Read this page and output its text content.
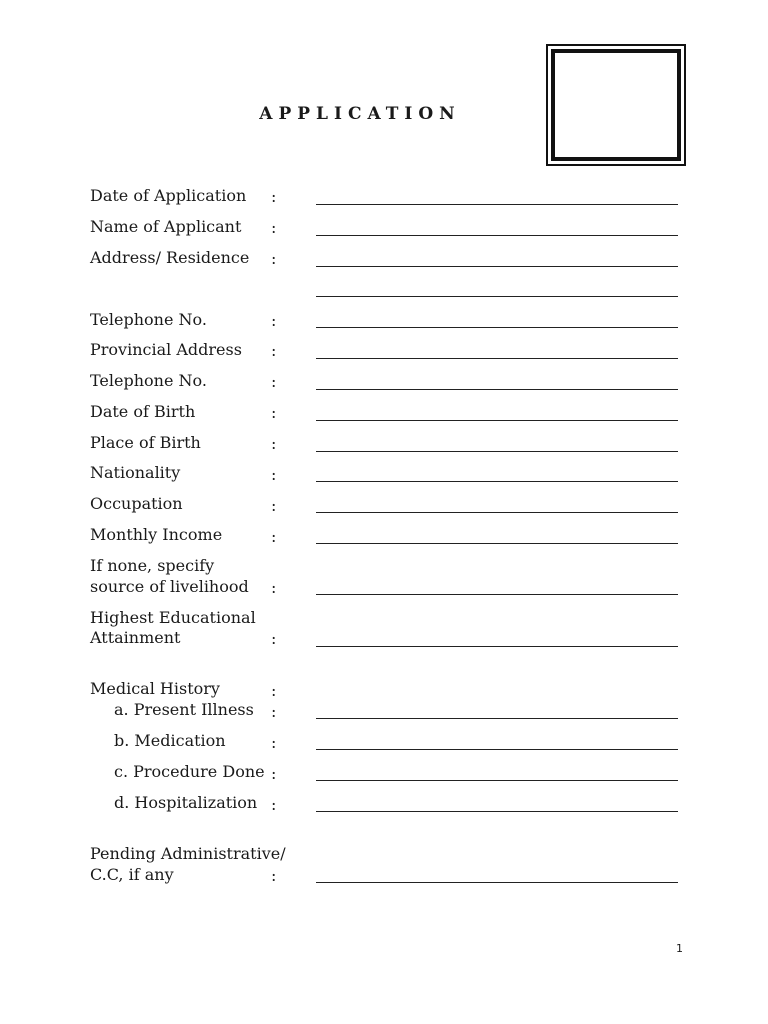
APPLICATION
Date of Application :
Name of Applicant :
Address/ Residence :
Telephone No.	:
Provincial Address :
Telephone No.	:
Date of Birth	:
Place of Birth	:
Nationality	:
Occupation	:
Monthly Income	:
If none, specify
source of livelihood :
Highest Educational
Attainment	:
Medical History	:
a. Present Illness :
b. Medication	:
c. Procedure Done :
d. Hospitalization :
Pending Administrative/
C.C, if any	:
1
